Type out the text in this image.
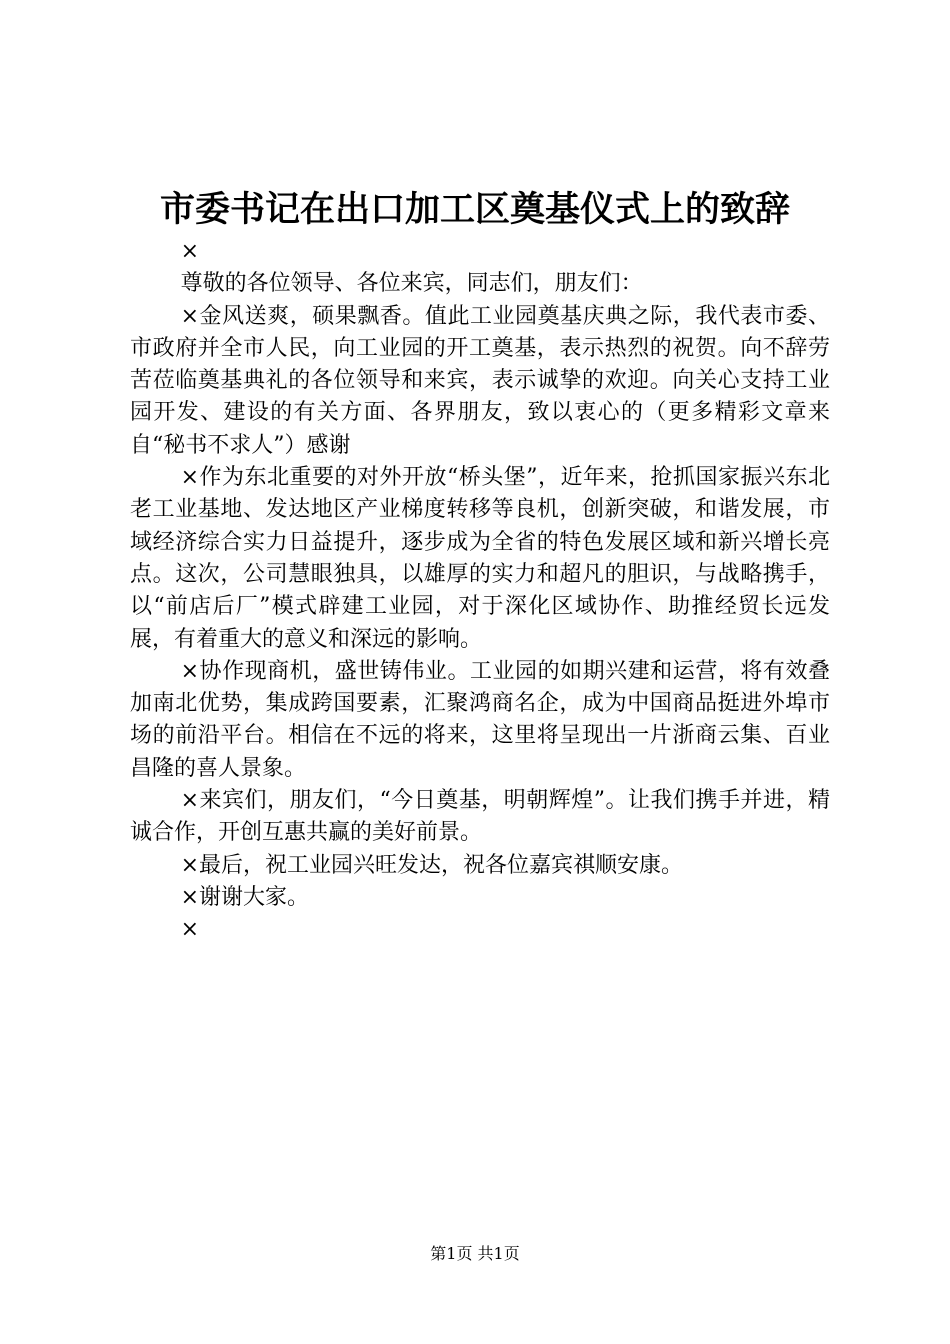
市委书记在出口加工区奠基仪式上的致辞

×

尊敬的各位领导、各位来宾，同志们，朋友们：

×金风送爽，硕果飘香。值此工业园奠基庆典之际，我代表市委、市政府并全市人民，向工业园的开工奠基，表示热烈的祝贺。向不辞劳苦莅临奠基典礼的各位领导和来宾，表示诚挚的欢迎。向关心支持工业园开发、建设的有关方面、各界朋友，致以衷心的（更多精彩文章来自“秘书不求人”）感谢

×作为东北重要的对外开放“桥头堡”，近年来，抢抓国家振兴东北老工业基地、发达地区产业梯度转移等良机，创新突破，和谐发展，市域经济综合实力日益提升，逐步成为全省的特色发展区域和新兴增长亮点。这次，公司慧眼独具，以雄厚的实力和超凡的胆识，与战略携手，以“前店后厂”模式辟建工业园，对于深化区域协作、助推经贸长远发展，有着重大的意义和深远的影响。

×协作现商机，盛世铸伟业。工业园的如期兴建和运营，将有效叠加南北优势，集成跨国要素，汇聚鸿商名企，成为中国商品挺进外埠市场的前沿平台。相信在不远的将来，这里将呈现出一片浙商云集、百业昌隆的喜人景象。

×来宾们，朋友们，“今日奠基，明朝辉煌”。让我们携手并进，精诚合作，开创互惠共赢的美好前景。

×最后，祝工业园兴旺发达，祝各位嘉宾祺顺安康。

×谢谢大家。

×

第1页 共1页
